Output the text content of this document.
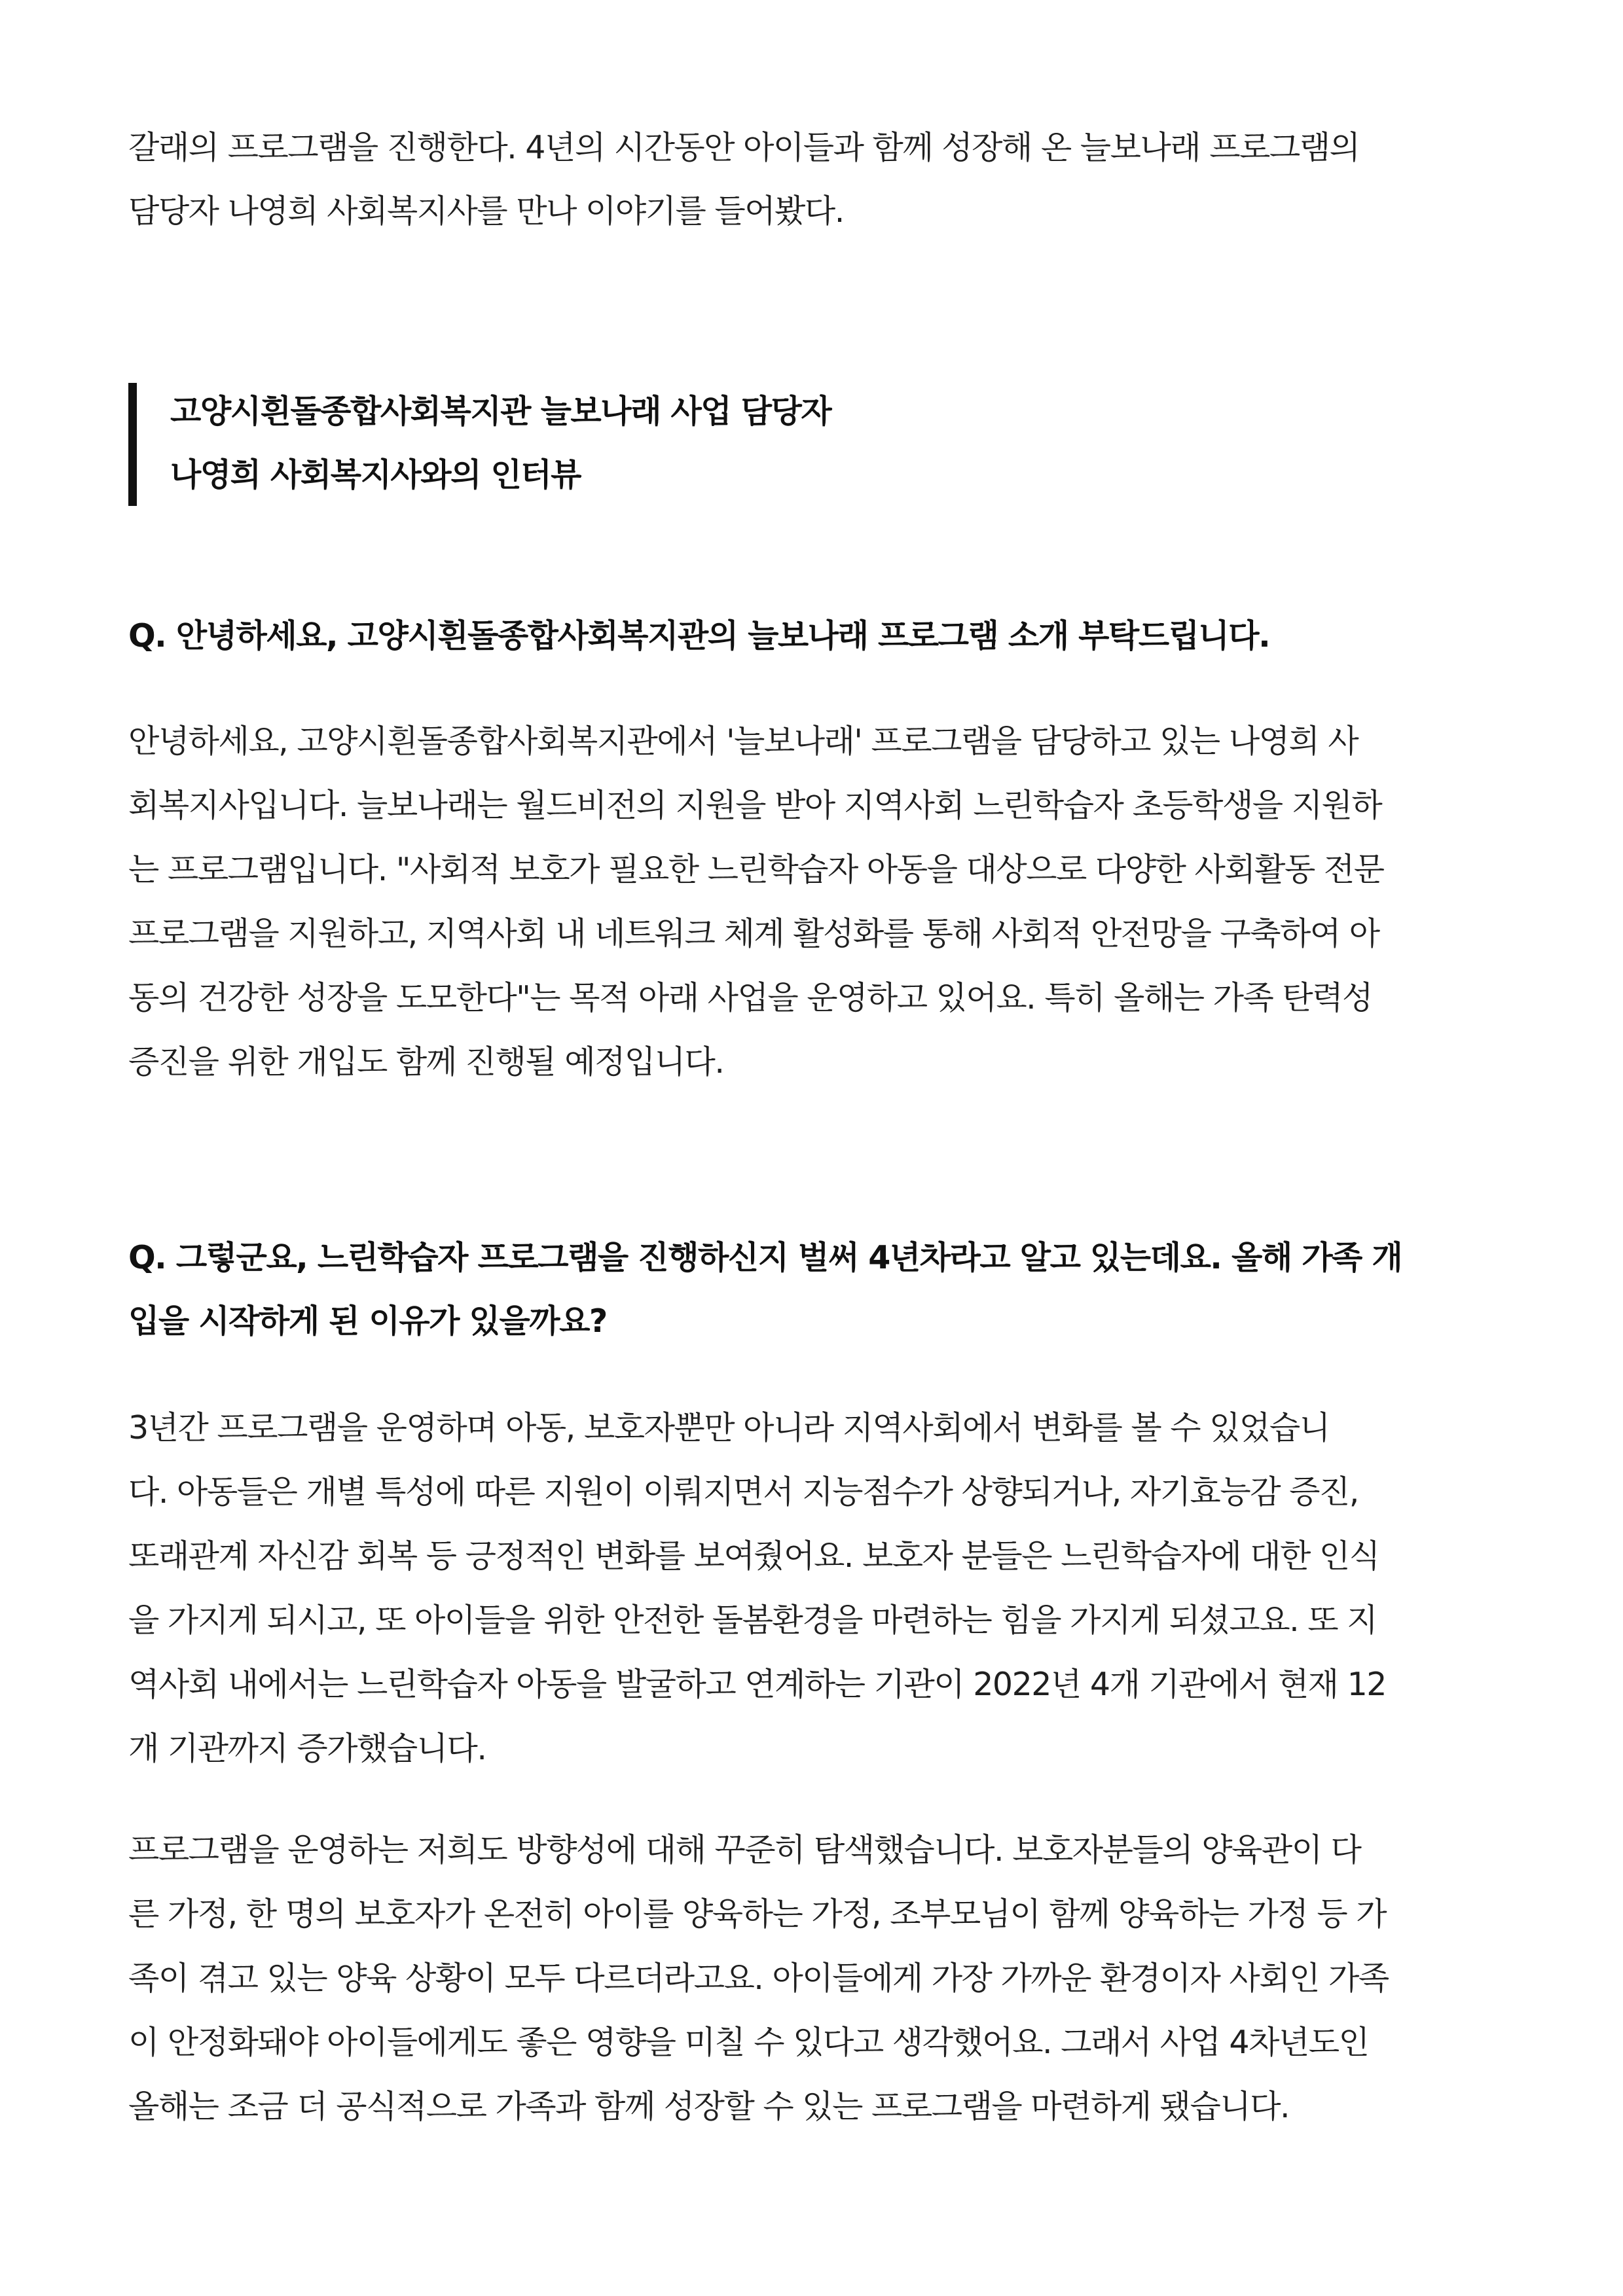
갈래의 프로그램을 진행한다. 4년의 시간동안 아이들과 함께 성장해 온 늘보나래 프로그램의
담당자 나영희 사회복지사를 만나 이야기를 들어봤다.
고양시흰돌종합사회복지관 늘보나래 사업 담당자
나영희 사회복지사와의 인터뷰
Q. 안녕하세요, 고양시흰돌종합사회복지관의 늘보나래 프로그램 소개 부탁드립니다.
안녕하세요, 고양시흰돌종합사회복지관에서 '늘보나래' 프로그램을 담당하고 있는 나영희 사
회복지사입니다. 늘보나래는 월드비전의 지원을 받아 지역사회 느린학습자 초등학생을 지원하
는 프로그램입니다. "사회적 보호가 필요한 느린학습자 아동을 대상으로 다양한 사회활동 전문
프로그램을 지원하고, 지역사회 내 네트워크 체계 활성화를 통해 사회적 안전망을 구축하여 아
동의 건강한 성장을 도모한다"는 목적 아래 사업을 운영하고 있어요. 특히 올해는 가족 탄력성
증진을 위한 개입도 함께 진행될 예정입니다.
Q. 그렇군요, 느린학습자 프로그램을 진행하신지 벌써 4년차라고 알고 있는데요. 올해 가족 개
입을 시작하게 된 이유가 있을까요?
3년간 프로그램을 운영하며 아동, 보호자뿐만 아니라 지역사회에서 변화를 볼 수 있었습니
다. 아동들은 개별 특성에 따른 지원이 이뤄지면서 지능점수가 상향되거나, 자기효능감 증진,
또래관계 자신감 회복 등 긍정적인 변화를 보여줬어요. 보호자 분들은 느린학습자에 대한 인식
을 가지게 되시고, 또 아이들을 위한 안전한 돌봄환경을 마련하는 힘을 가지게 되셨고요. 또 지
역사회 내에서는 느린학습자 아동을 발굴하고 연계하는 기관이 2022년 4개 기관에서 현재 12
개 기관까지 증가했습니다.
프로그램을 운영하는 저희도 방향성에 대해 꾸준히 탐색했습니다. 보호자분들의 양육관이 다
른 가정, 한 명의 보호자가 온전히 아이를 양육하는 가정, 조부모님이 함께 양육하는 가정 등 가
족이 겪고 있는 양육 상황이 모두 다르더라고요. 아이들에게 가장 가까운 환경이자 사회인 가족
이 안정화돼야 아이들에게도 좋은 영향을 미칠 수 있다고 생각했어요. 그래서 사업 4차년도인
올해는 조금 더 공식적으로 가족과 함께 성장할 수 있는 프로그램을 마련하게 됐습니다.
